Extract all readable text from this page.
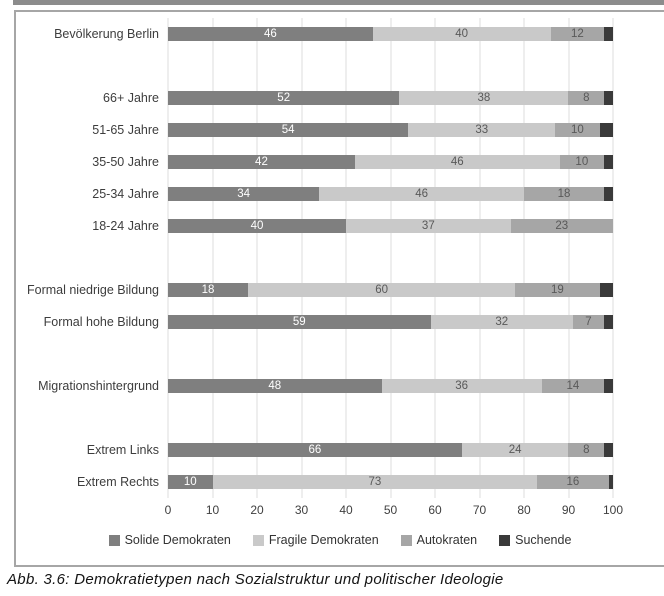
Bevölkerung Berlin	46	40	12
66+ Jahre	52	38	8
51-65 Jahre	54	33	10
35-50 Jahre	42	46	10
25-34 Jahre	34	46	18
18-24 Jahre	40	37	23
Formal niedrige Bildung	18	60	19
Formal hohe Bildung	59	32	7
Migrationshintergrund	48	36	14
Extrem Links	66	24	8
Extrem Rechts	10	73	16
0	10	20	30	40	50	60	70	80	90 100
Solide Demokraten	Fragile Demokraten	Autokraten	Suchende
Abb. 3.6: Demokratietypen nach Sozialstruktur und politischer Ideologie
